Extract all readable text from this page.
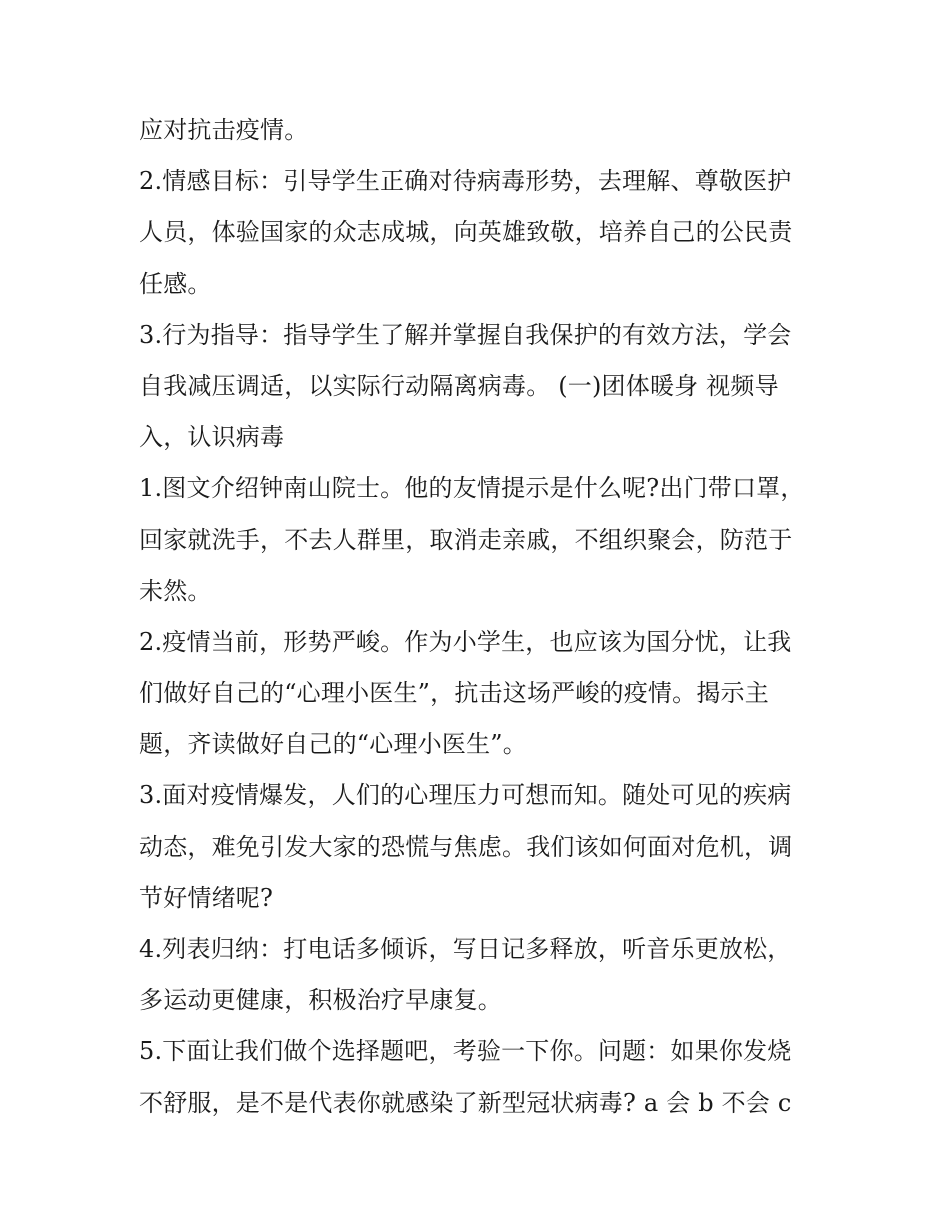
应对抗击疫情。
2.情感目标：引导学生正确对待病毒形势，去理解、尊敬医护
人员，体验国家的众志成城，向英雄致敬，培养自己的公民责
任感。
3.行为指导：指导学生了解并掌握自我保护的有效方法，学会
自我减压调适，以实际行动隔离病毒。 (一)团体暖身 视频导
入，认识病毒
1.图文介绍钟南山院士。他的友情提示是什么呢?出门带口罩，
回家就洗手，不去人群里，取消走亲戚，不组织聚会，防范于
未然。
2.疫情当前，形势严峻。作为小学生，也应该为国分忧，让我
们做好自己的“心理小医生”，抗击这场严峻的疫情。揭示主
题，齐读做好自己的“心理小医生”。
3.面对疫情爆发，人们的心理压力可想而知。随处可见的疾病
动态，难免引发大家的恐慌与焦虑。我们该如何面对危机，调
节好情绪呢?
4.列表归纳：打电话多倾诉，写日记多释放，听音乐更放松，
多运动更健康，积极治疗早康复。
5.下面让我们做个选择题吧，考验一下你。问题：如果你发烧
不舒服，是不是代表你就感染了新型冠状病毒? a 会 b 不会 c
